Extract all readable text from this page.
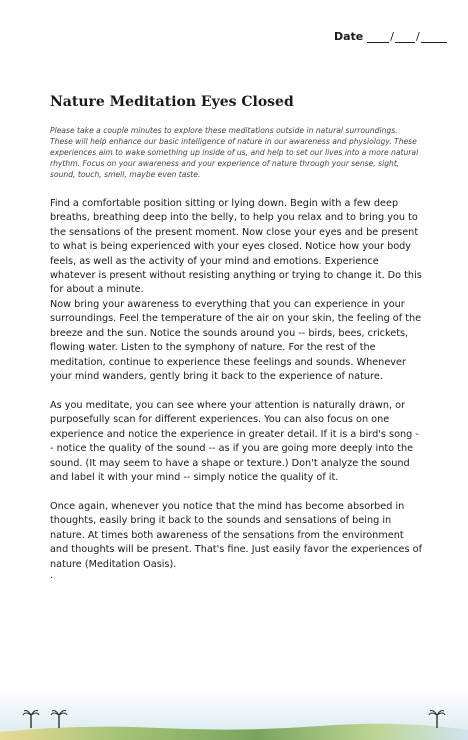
Date / /
Nature Meditation Eyes Closed

Please take a couple minutes to explore these meditations outside in natural surroundings. These will help enhance our basic intelligence of nature in our awareness and physiology. These experiences aim to wake something up inside of us, and help to set our lives into a more natural rhythm. Focus on your awareness and your experience of nature through your sense, sight, sound, touch, smell, maybe even taste.

Find a comfortable position sitting or lying down. Begin with a few deep breaths, breathing deep into the belly, to help you relax and to bring you to the sensations of the present moment. Now close your eyes and be present to what is being experienced with your eyes closed. Notice how your body feels, as well as the activity of your mind and emotions. Experience whatever is present without resisting anything or trying to change it. Do this for about a minute.

Now bring your awareness to everything that you can experience in your surroundings. Feel the temperature of the air on your skin, the feeling of the breeze and the sun. Notice the sounds around you -- birds, bees, crickets, flowing water. Listen to the symphony of nature. For the rest of the meditation, continue to experience these feelings and sounds. Whenever your mind wanders, gently bring it back to the experience of nature.

As you meditate, you can see where your attention is naturally drawn, or purposefully scan for different experiences. You can also focus on one experience and notice the experience in greater detail. If it is a bird's song -- notice the quality of the sound -- as if you are going more deeply into the sound. (It may seem to have a shape or texture.) Don't analyze the sound and label it with your mind -- simply notice the quality of it.

Once again, whenever you notice that the mind has become absorbed in thoughts, easily bring it back to the sounds and sensations of being in nature. At times both awareness of the sensations from the environment and thoughts will be present. That's fine. Just easily favor the experiences of nature (Meditation Oasis).

.
